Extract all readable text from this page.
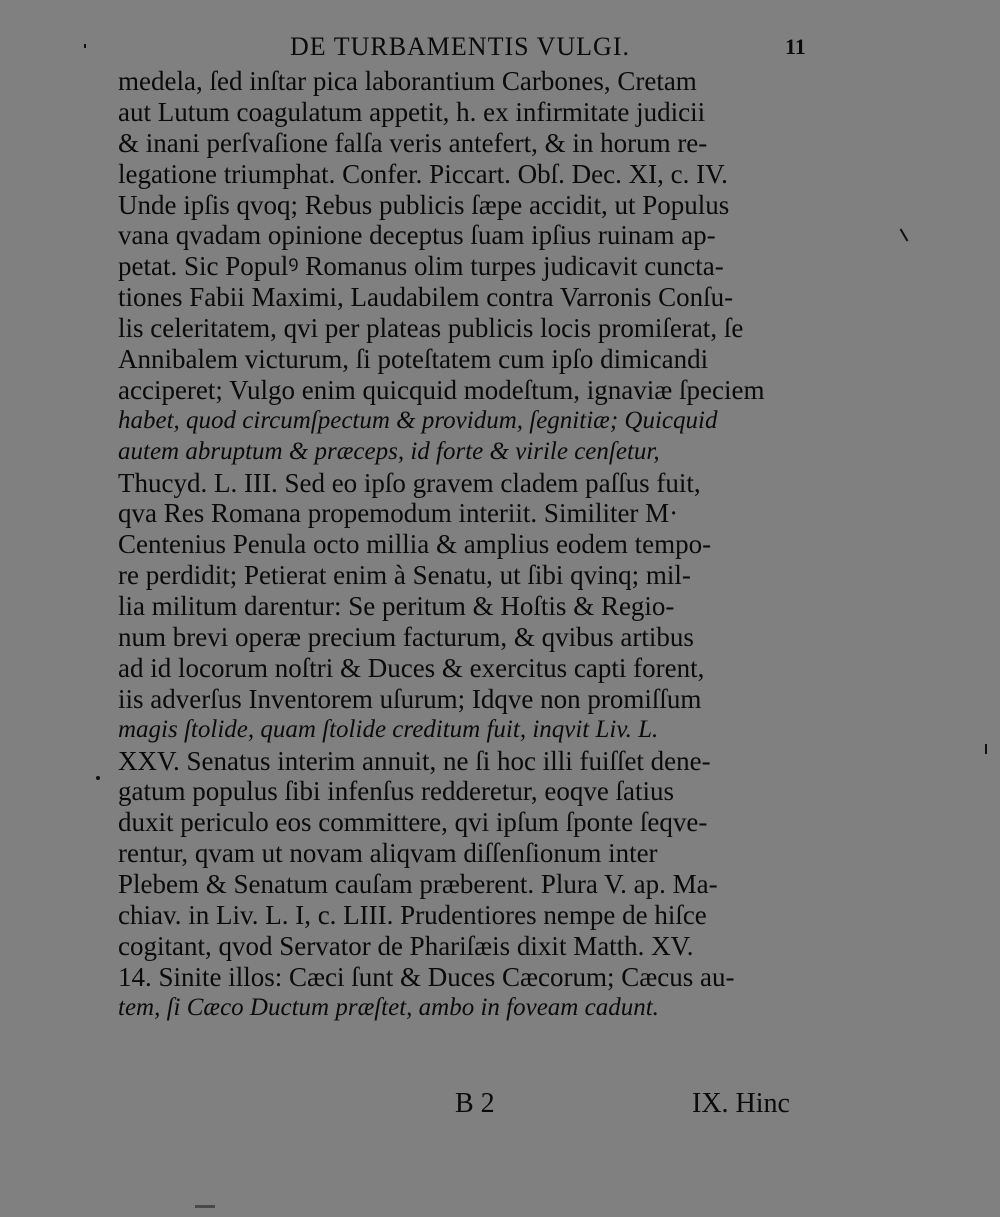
DE TURBAMENTIS VULGI.	11
medela, ſed inſtar pica laborantium Carbones, Cretam
aut Lutum coagulatum appetit, h. ex infirmitate judicii
& inani perſvaſione falſa veris antefert, & in horum re-
legatione triumphat. Confer. Piccart. Obſ. Dec. XI, c. IV.
Unde ipſis qvoq; Rebus publicis ſæpe accidit, ut Populus
vana qvadam opinione deceptus ſuam ipſius ruinam ap-
petat. Sic Populꝰ Romanus olim turpes judicavit cuncta-
tiones Fabii Maximi, Laudabilem contra Varronis Conſu-
lis celeritatem, qvi per plateas publicis locis promiſerat, ſe
Annibalem victurum, ſi poteſtatem cum ipſo dimicandi
acciperet; Vulgo enim quicquid modeſtum, ignaviæ ſpeciem
habet, quod circumſpectum & providum, ſegnitiæ; Quicquid
autem abruptum & præceps, id forte & virile cenſetur,
Thucyd. L. III. Sed eo ipſo gravem cladem paſſus fuit,
qva Res Romana propemodum interiit. Similiter M·
Centenius Penula octo millia & amplius eodem tempo-
re perdidit; Petierat enim à Senatu, ut ſibi qvinq; mil-
lia militum darentur: Se peritum & Hoſtis & Regio-
num brevi operæ precium facturum, & qvibus artibus
ad id locorum noſtri & Duces & exercitus capti forent,
iis adverſus Inventorem uſurum; Idqve non promiſſum
magis ſtolide, quam ſtolide creditum fuit, inqvit Liv. L.
XXV. Senatus interim annuit, ne ſi hoc illi fuiſſet dene-
gatum populus ſibi infenſus redderetur, eoqve ſatius
duxit periculo eos committere, qvi ipſum ſponte ſeqve-
rentur, qvam ut novam aliqvam diſſenſionum inter
Plebem & Senatum cauſam præberent. Plura V. ap. Ma-
chiav. in Liv. L. I, c. LIII. Prudentiores nempe de hiſce
cogitant, qvod Servator de Phariſæis dixit Matth. XV.
14. Sinite illos: Cæci ſunt & Duces Cæcorum; Cæcus au-
tem, ſi Cæco Ductum præſtet, ambo in foveam cadunt.
B 2	IX. Hinc
